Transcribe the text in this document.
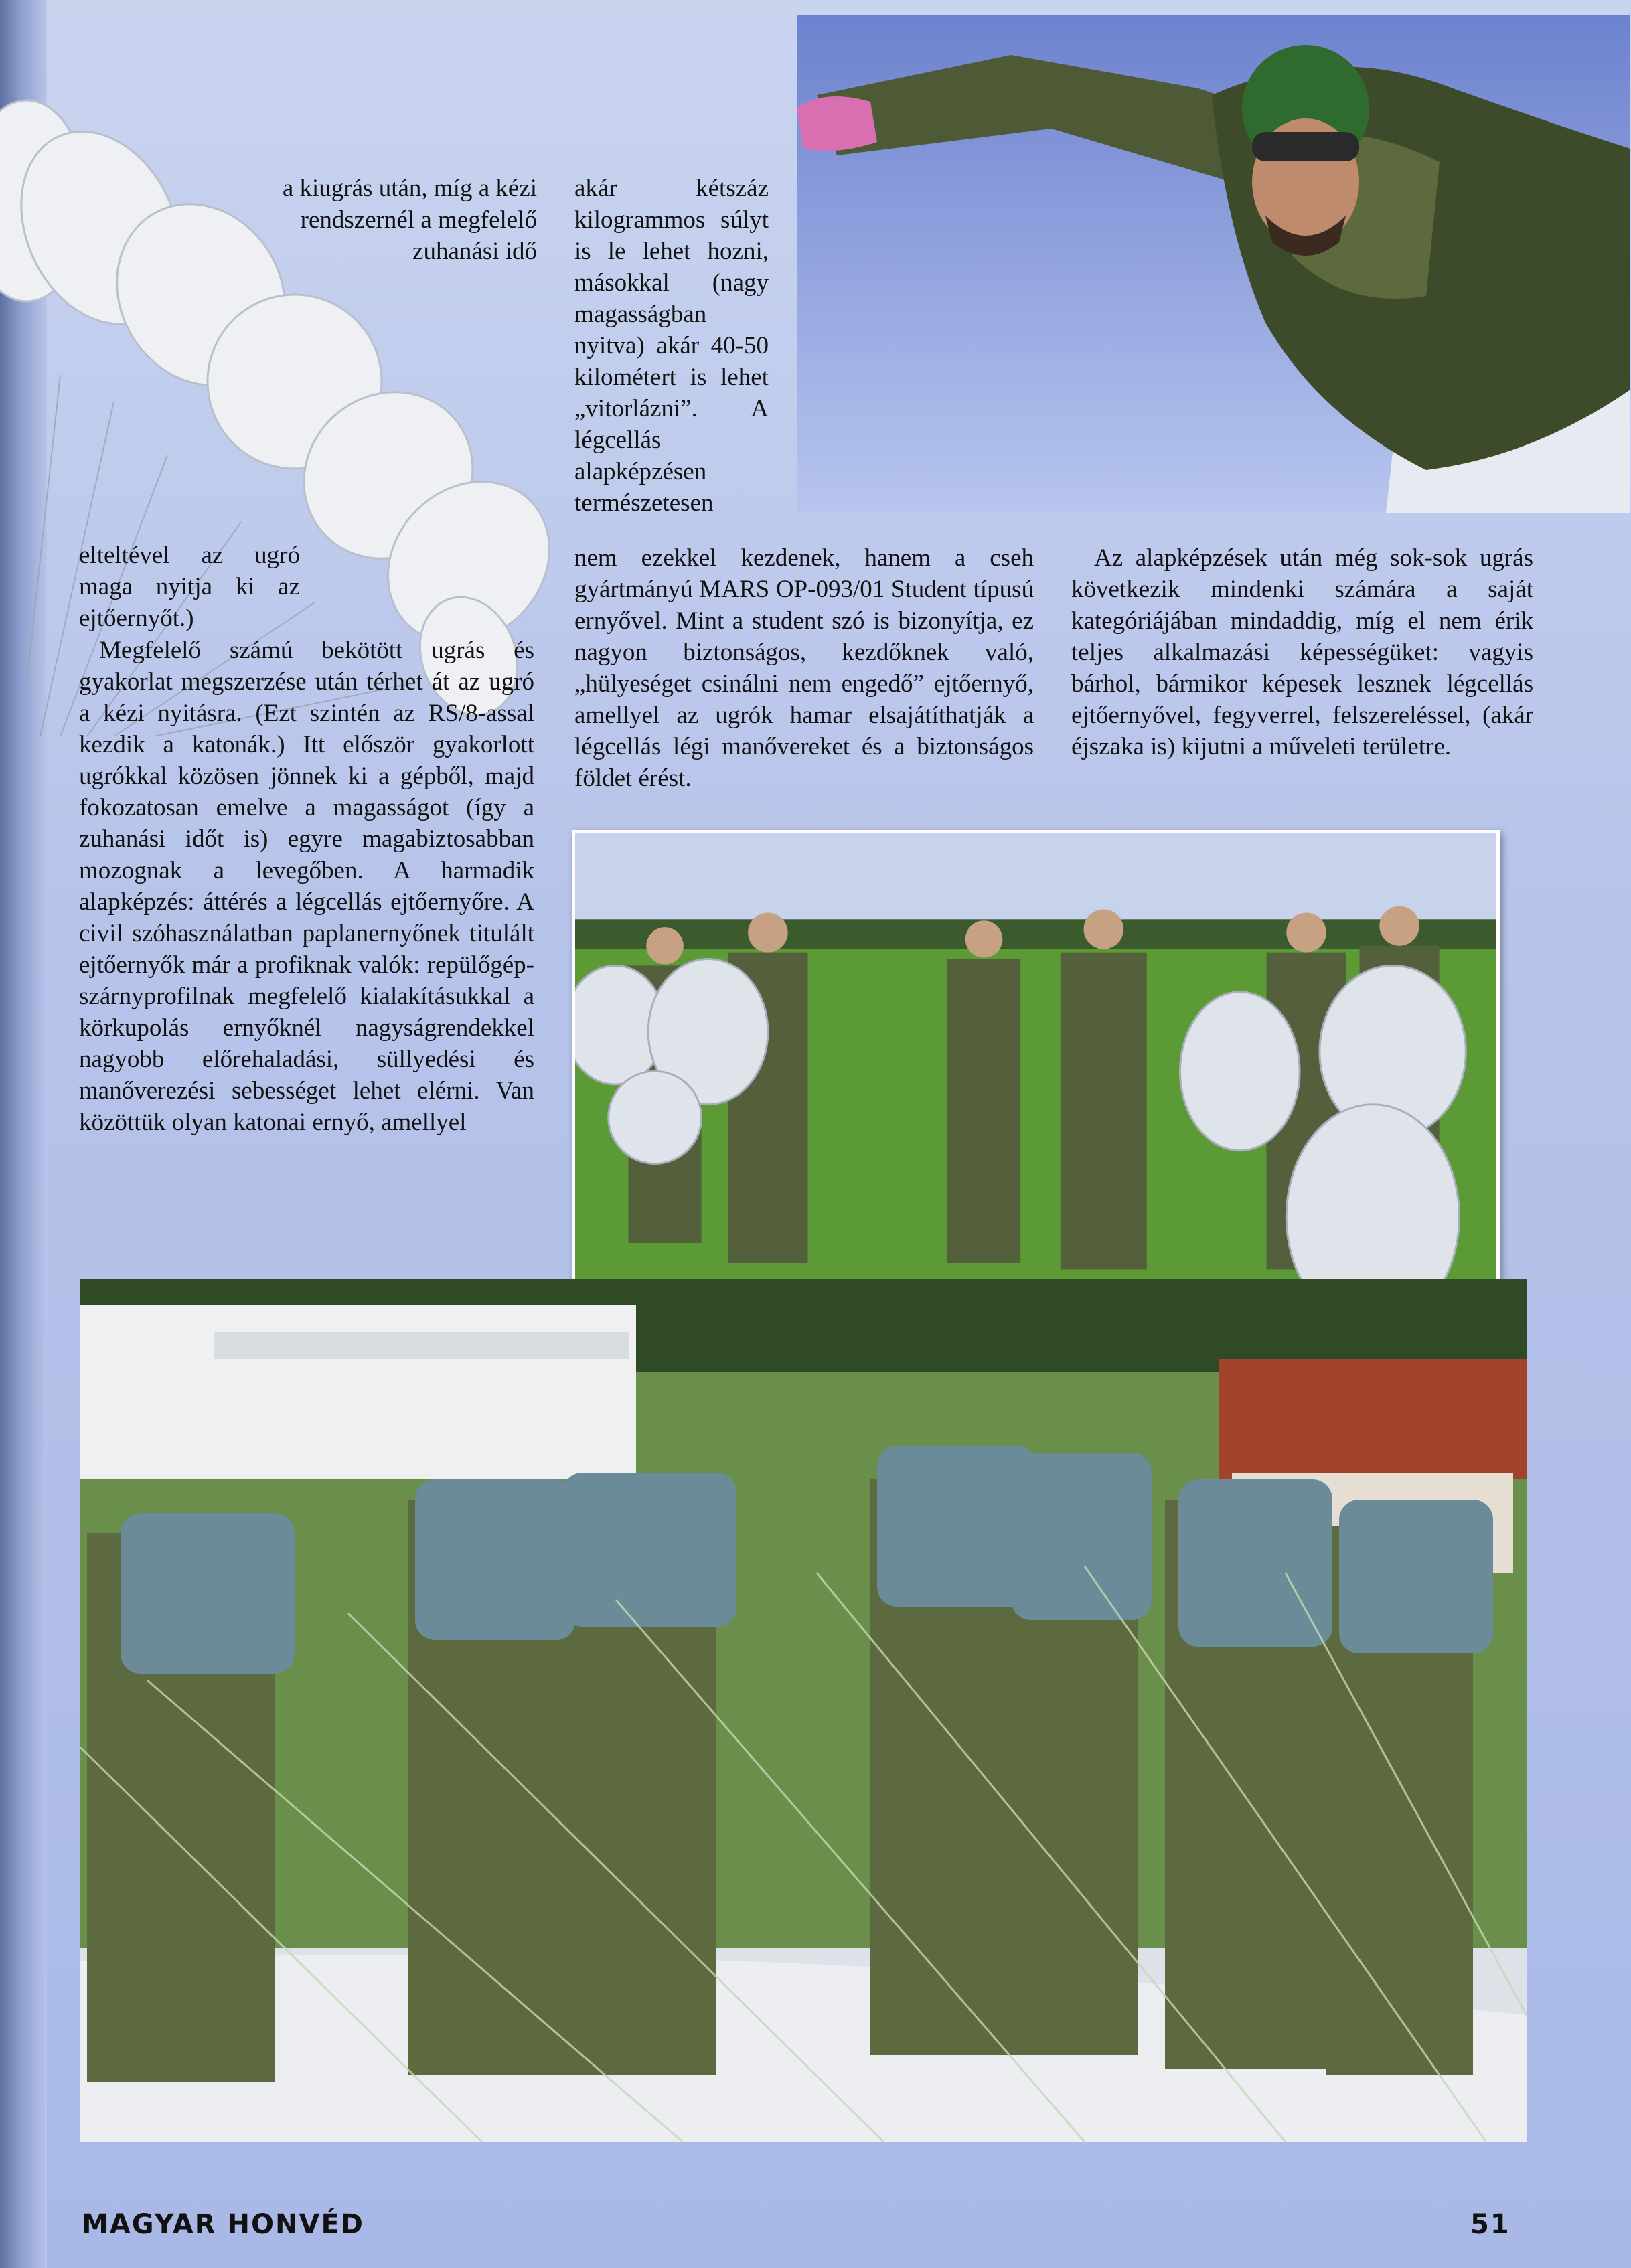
a kiugrás után, míg a kézi rendszernél a megfelelő zuhanási idő

elteltével az ugró maga nyitja ki az ejtőernyőt.)

Megfelelő számú bekötött ugrás és gyakorlat megszerzése után térhet át az ugró a kézi nyitásra. (Ezt szintén az RS/8-assal kezdik a katonák.) Itt először gyakorlott ugrókkal közösen jönnek ki a gépből, majd fokozatosan emelve a magasságot (így a zuhanási időt is) egyre magabiztosabban mozognak a levegőben. A harmadik alapképzés: áttérés a légcellás ejtőernyőre. A civil szóhasználatban paplanernyőnek titulált ejtőernyők már a profiknak valók: repülőgép-szárnyprofilnak megfelelő kialakításukkal a körkupolás ernyőknél nagyságrendekkel nagyobb előrehaladási, süllyedési és manőverezési sebességet lehet elérni. Van közöttük olyan katonai ernyő, amellyel

akár kétszáz kilogrammos súlyt is le lehet hozni, másokkal (nagy magasságban nyitva) akár 40-50 kilométert is lehet „vitorlázni”. A légcellás alapképzésen természetesen

nem ezekkel kezdenek, hanem a cseh gyártmányú MARS OP-093/01 Student típusú ernyővel. Mint a student szó is bizonyítja, ez nagyon biztonságos, kezdőknek való, „hülyeséget csinálni nem engedő” ejtőernyő, amellyel az ugrók hamar elsajátíthatják a légcellás légi manővereket és a biztonságos földet érést.

Az alapképzések után még sok-sok ugrás következik mindenki számára a saját kategóriájában mindaddig, míg el nem érik teljes alkalmazási képességüket: vagyis bárhol, bármikor képesek lesznek légcellás ejtőernyővel, fegyverrel, felszereléssel, (akár éjszaka is) kijutni a műveleti területre.

MAGYAR HONVÉD	51
